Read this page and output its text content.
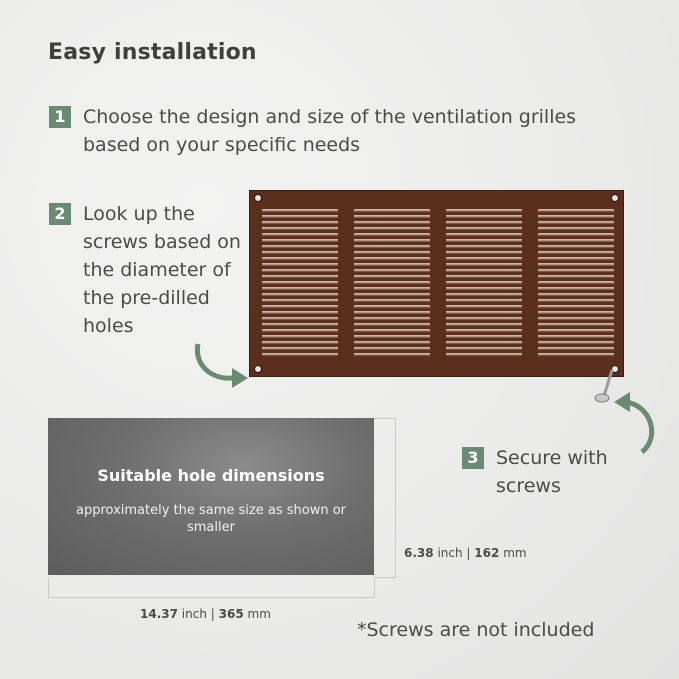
Easy installation
1 Choose the design and size of the ventilation grilles based on your specific needs
2 Look up the screws based on the diameter of the pre-dilled holes
3 Secure with screws
Suitable hole dimensions
approximately the same size as shown or smaller
6.38 inch | 162 mm
14.37 inch | 365 mm
*Screws are not included
